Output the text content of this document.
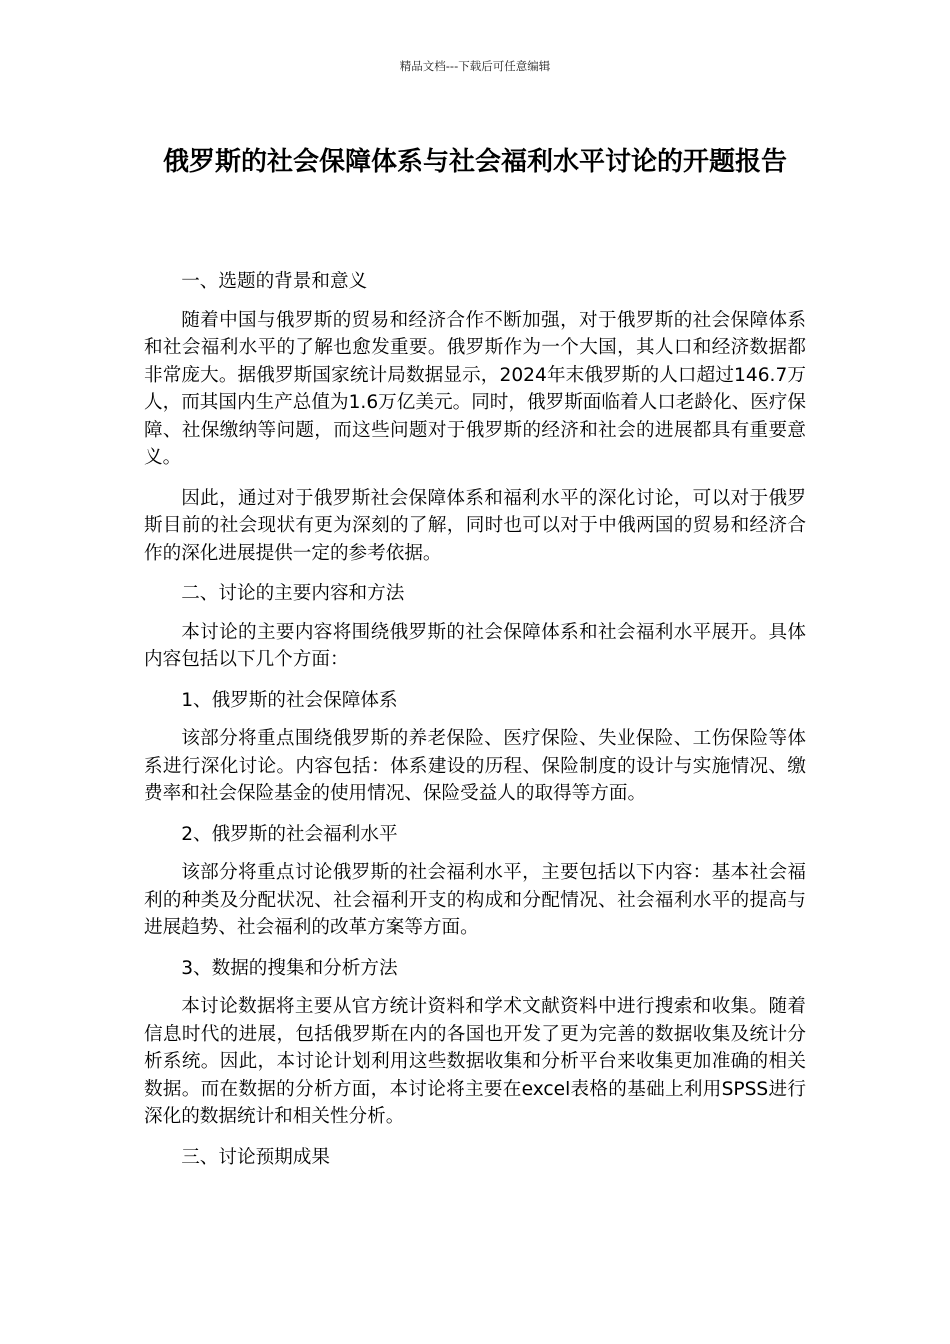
精品文档---下载后可任意编辑
俄罗斯的社会保障体系与社会福利水平讨论的开题报告

一、选题的背景和意义

随着中国与俄罗斯的贸易和经济合作不断加强，对于俄罗斯的社会保障体系和社会福利水平的了解也愈发重要。俄罗斯作为一个大国，其人口和经济数据都非常庞大。据俄罗斯国家统计局数据显示，2024年末俄罗斯的人口超过146.7万人，而其国内生产总值为1.6万亿美元。同时，俄罗斯面临着人口老龄化、医疗保障、社保缴纳等问题，而这些问题对于俄罗斯的经济和社会的进展都具有重要意义。

因此，通过对于俄罗斯社会保障体系和福利水平的深化讨论，可以对于俄罗斯目前的社会现状有更为深刻的了解，同时也可以对于中俄两国的贸易和经济合作的深化进展提供一定的参考依据。

二、讨论的主要内容和方法

本讨论的主要内容将围绕俄罗斯的社会保障体系和社会福利水平展开。具体内容包括以下几个方面：

1、俄罗斯的社会保障体系

该部分将重点围绕俄罗斯的养老保险、医疗保险、失业保险、工伤保险等体系进行深化讨论。内容包括：体系建设的历程、保险制度的设计与实施情况、缴费率和社会保险基金的使用情况、保险受益人的取得等方面。

2、俄罗斯的社会福利水平

该部分将重点讨论俄罗斯的社会福利水平，主要包括以下内容：基本社会福利的种类及分配状况、社会福利开支的构成和分配情况、社会福利水平的提高与进展趋势、社会福利的改革方案等方面。

3、数据的搜集和分析方法

本讨论数据将主要从官方统计资料和学术文献资料中进行搜索和收集。随着信息时代的进展，包括俄罗斯在内的各国也开发了更为完善的数据收集及统计分析系统。因此，本讨论计划利用这些数据收集和分析平台来收集更加准确的相关数据。而在数据的分析方面，本讨论将主要在excel表格的基础上利用SPSS进行深化的数据统计和相关性分析。

三、讨论预期成果
